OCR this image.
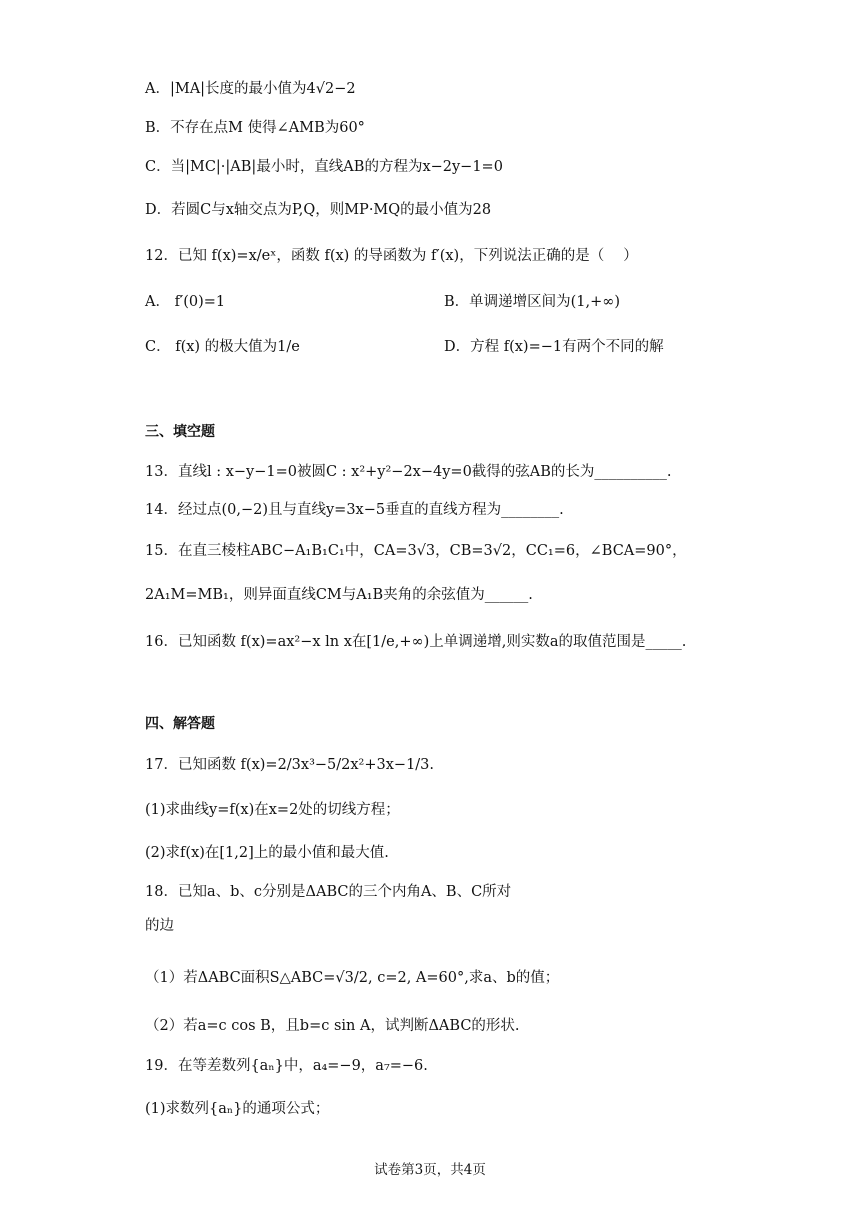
A．|MA|长度的最小值为4√2−2
B．不存在点M 使得∠AMB为60°
C．当|MC|·|AB|最小时，直线AB的方程为x−2y−1=0
D．若圆C与x轴交点为P,Q，则MP·MQ的最小值为28
12．已知 f(x)=x/eˣ，函数 f(x) 的导函数为 f′(x)，下列说法正确的是（　 ）
A． f′(0)=1	B．单调递增区间为(1,+∞)
C． f(x) 的极大值为1/e	D．方程 f(x)=−1有两个不同的解
三、填空题
13．直线l : x−y−1=0被圆C : x²+y²−2x−4y=0截得的弦AB的长为__________.
14．经过点(0,−2)且与直线y=3x−5垂直的直线方程为________.
15．在直三棱柱ABC−A₁B₁C₁中，CA=3√3，CB=3√2，CC₁=6，∠BCA=90°，
2A₁M=MB₁，则异面直线CM与A₁B夹角的余弦值为______.
16．已知函数 f(x)=ax²−x ln x在[1/e,+∞)上单调递增,则实数a的取值范围是_____.
四、解答题
17．已知函数 f(x)=2/3x³−5/2x²+3x−1/3.
(1)求曲线y=f(x)在x=2处的切线方程；
(2)求f(x)在[1,2]上的最小值和最大值.
18．已知a、b、c分别是ΔABC的三个内角A、B、C所对
的边
（1）若ΔABC面积S△ABC=√3/2, c=2, A=60°,求a、b的值；
（2）若a=c cos B，且b=c sin A，试判断ΔABC的形状.
19．在等差数列{aₙ}中，a₄=−9，a₇=−6.
(1)求数列{aₙ}的通项公式；
试卷第3页，共4页
